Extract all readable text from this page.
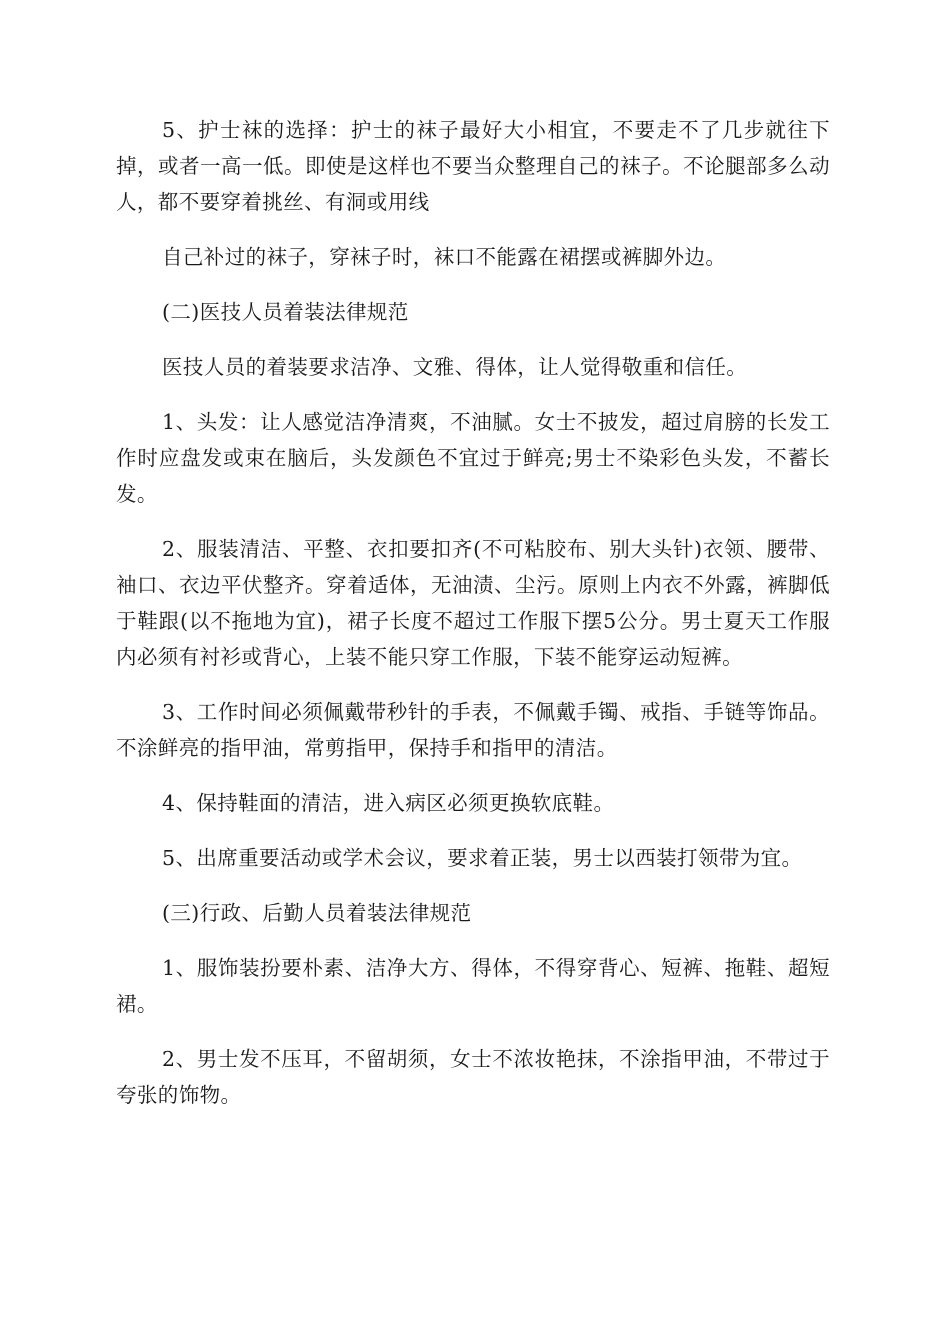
5、护士袜的选择：护士的袜子最好大小相宜，不要走不了几步就往下掉，或者一高一低。即使是这样也不要当众整理自己的袜子。不论腿部多么动人，都不要穿着挑丝、有洞或用线

自己补过的袜子，穿袜子时，袜口不能露在裙摆或裤脚外边。

(二)医技人员着装法律规范

医技人员的着装要求洁净、文雅、得体，让人觉得敬重和信任。

1、头发：让人感觉洁净清爽，不油腻。女士不披发，超过肩膀的长发工作时应盘发或束在脑后，头发颜色不宜过于鲜亮;男士不染彩色头发，不蓄长发。

2、服装清洁、平整、衣扣要扣齐(不可粘胶布、别大头针)衣领、腰带、袖口、衣边平伏整齐。穿着适体，无油渍、尘污。原则上内衣不外露，裤脚低于鞋跟(以不拖地为宜)，裙子长度不超过工作服下摆5公分。男士夏天工作服内必须有衬衫或背心，上装不能只穿工作服，下装不能穿运动短裤。

3、工作时间必须佩戴带秒针的手表，不佩戴手镯、戒指、手链等饰品。不涂鲜亮的指甲油，常剪指甲，保持手和指甲的清洁。

4、保持鞋面的清洁，进入病区必须更换软底鞋。

5、出席重要活动或学术会议，要求着正装，男士以西装打领带为宜。

(三)行政、后勤人员着装法律规范

1、服饰装扮要朴素、洁净大方、得体，不得穿背心、短裤、拖鞋、超短裙。

2、男士发不压耳，不留胡须，女士不浓妆艳抹，不涂指甲油，不带过于夸张的饰物。
